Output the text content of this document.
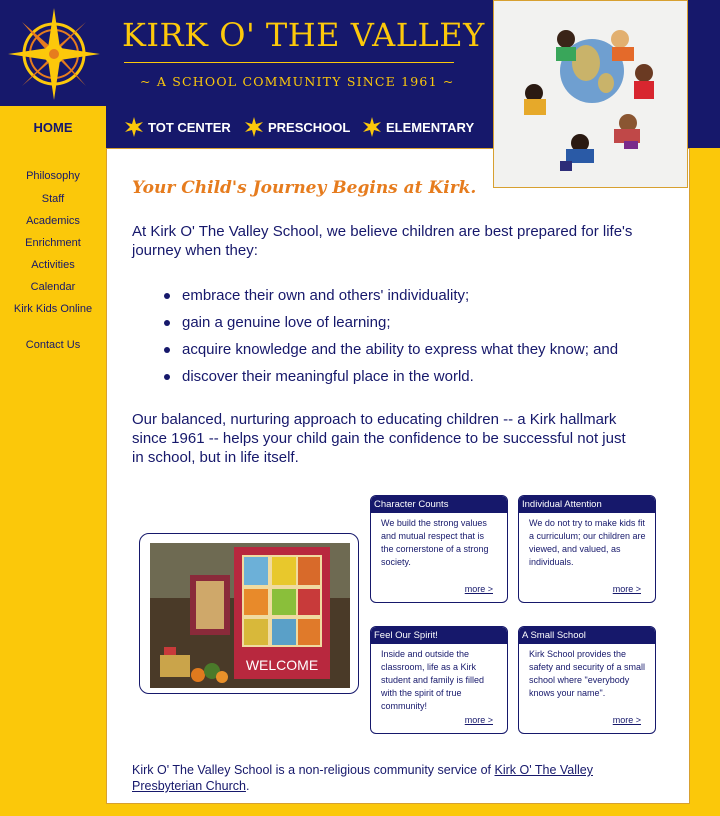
KIRK O' THE VALLEY
~ A SCHOOL COMMUNITY SINCE 1961 ~
HOME	TOT CENTER	PRESCHOOL	ELEMENTARY
Philosophy
Staff
Academics
Enrichment
Activities
Calendar
Kirk Kids Online
Contact Us
Your Child's Journey Begins at Kirk.
At Kirk O' The Valley School, we believe children are best prepared for life's journey when they:
embrace their own and others' individuality;
gain a genuine love of learning;
acquire knowledge and the ability to express what they know; and
discover their meaningful place in the world.
Our balanced, nurturing approach to educating children -- a Kirk hallmark since 1961 -- helps your child gain the confidence to be successful not just in school, but in life itself.
WELCOME
Character Counts
We build the strong values and mutual respect that is the cornerstone of a strong society.
more >
Individual Attention
We do not try to make kids fit a curriculum; our children are viewed, and valued, as individuals.
more >
Feel Our Spirit!
Inside and outside the classroom, life as a Kirk student and family is filled with the spirit of true community!
more >
A Small School
Kirk School provides the safety and security of a small school where "everybody knows your name".
more >
Kirk O' The Valley School is a non-religious community service of Kirk O' The Valley Presbyterian Church.
